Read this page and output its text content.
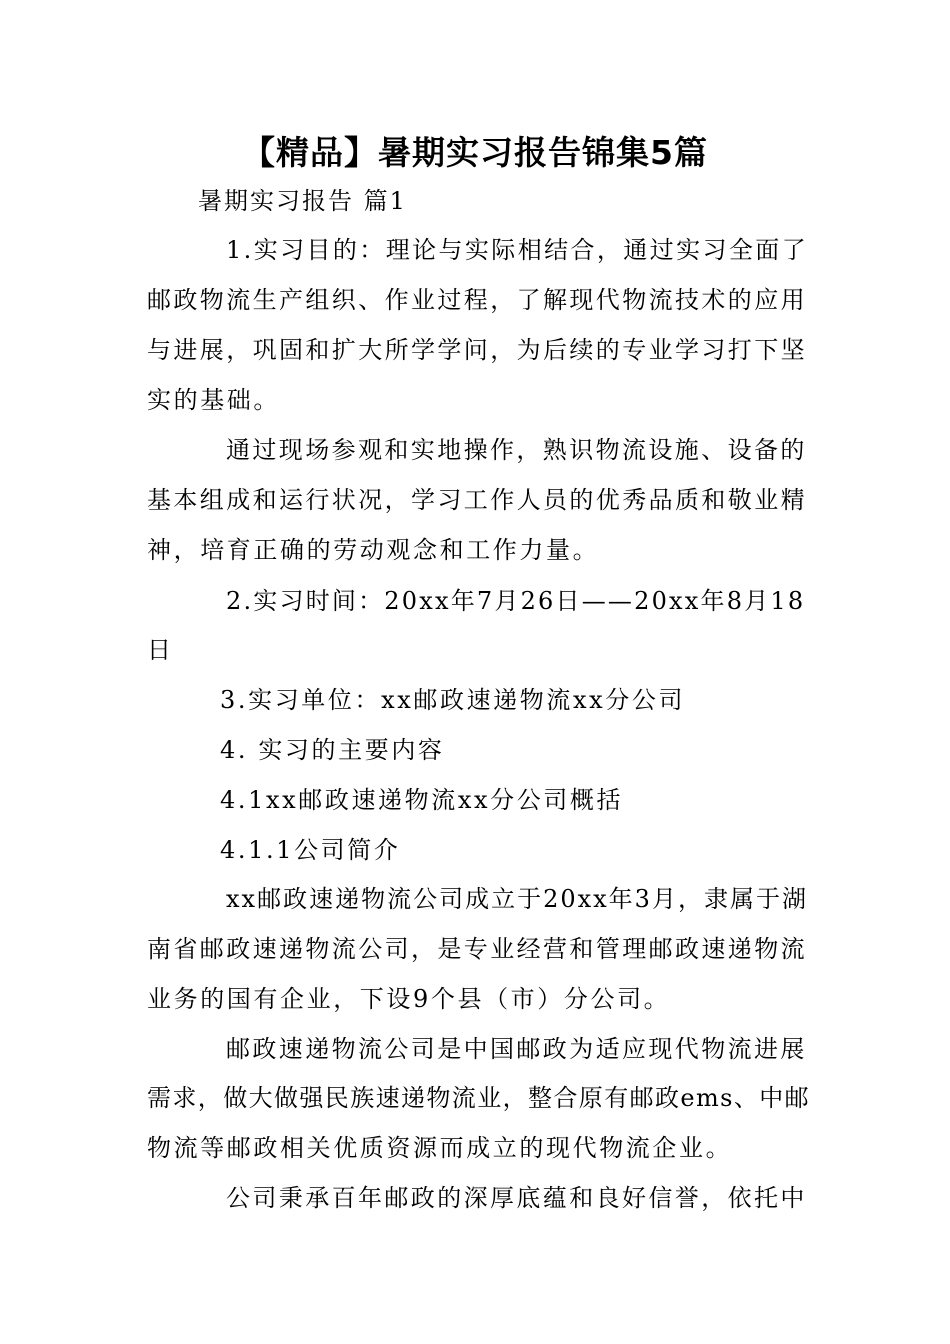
【精品】暑期实习报告锦集5篇
暑期实习报告 篇1
1.实习目的：理论与实际相结合，通过实习全面了
邮政物流生产组织、作业过程，了解现代物流技术的应用
与进展，巩固和扩大所学学问，为后续的专业学习打下坚
实的基础。
通过现场参观和实地操作，熟识物流设施、设备的
基本组成和运行状况，学习工作人员的优秀品质和敬业精
神，培育正确的劳动观念和工作力量。
2.实习时间：20xx年7月26日——20xx年8月18
日
3.实习单位：xx邮政速递物流xx分公司
4. 实习的主要内容
4.1xx邮政速递物流xx分公司概括
4.1.1公司简介
xx邮政速递物流公司成立于20xx年3月，隶属于湖
南省邮政速递物流公司，是专业经营和管理邮政速递物流
业务的国有企业，下设9个县（市）分公司。
邮政速递物流公司是中国邮政为适应现代物流进展
需求，做大做强民族速递物流业，整合原有邮政ems、中邮
物流等邮政相关优质资源而成立的现代物流企业。
公司秉承百年邮政的深厚底蕴和良好信誉，依托中
